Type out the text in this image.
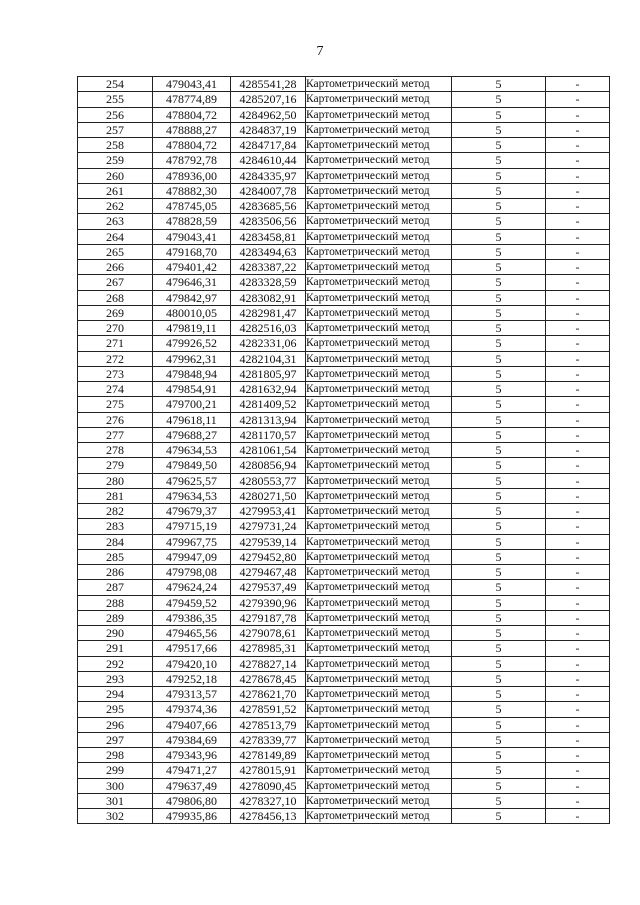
7
254	479043,41	4285541,28	Картометрический метод	5	-
255	478774,89	4285207,16	Картометрический метод	5	-
256	478804,72	4284962,50	Картометрический метод	5	-
257	478888,27	4284837,19	Картометрический метод	5	-
258	478804,72	4284717,84	Картометрический метод	5	-
259	478792,78	4284610,44	Картометрический метод	5	-
260	478936,00	4284335,97	Картометрический метод	5	-
261	478882,30	4284007,78	Картометрический метод	5	-
262	478745,05	4283685,56	Картометрический метод	5	-
263	478828,59	4283506,56	Картометрический метод	5	-
264	479043,41	4283458,81	Картометрический метод	5	-
265	479168,70	4283494,63	Картометрический метод	5	-
266	479401,42	4283387,22	Картометрический метод	5	-
267	479646,31	4283328,59	Картометрический метод	5	-
268	479842,97	4283082,91	Картометрический метод	5	-
269	480010,05	4282981,47	Картометрический метод	5	-
270	479819,11	4282516,03	Картометрический метод	5	-
271	479926,52	4282331,06	Картометрический метод	5	-
272	479962,31	4282104,31	Картометрический метод	5	-
273	479848,94	4281805,97	Картометрический метод	5	-
274	479854,91	4281632,94	Картометрический метод	5	-
275	479700,21	4281409,52	Картометрический метод	5	-
276	479618,11	4281313,94	Картометрический метод	5	-
277	479688,27	4281170,57	Картометрический метод	5	-
278	479634,53	4281061,54	Картометрический метод	5	-
279	479849,50	4280856,94	Картометрический метод	5	-
280	479625,57	4280553,77	Картометрический метод	5	-
281	479634,53	4280271,50	Картометрический метод	5	-
282	479679,37	4279953,41	Картометрический метод	5	-
283	479715,19	4279731,24	Картометрический метод	5	-
284	479967,75	4279539,14	Картометрический метод	5	-
285	479947,09	4279452,80	Картометрический метод	5	-
286	479798,08	4279467,48	Картометрический метод	5	-
287	479624,24	4279537,49	Картометрический метод	5	-
288	479459,52	4279390,96	Картометрический метод	5	-
289	479386,35	4279187,78	Картометрический метод	5	-
290	479465,56	4279078,61	Картометрический метод	5	-
291	479517,66	4278985,31	Картометрический метод	5	-
292	479420,10	4278827,14	Картометрический метод	5	-
293	479252,18	4278678,45	Картометрический метод	5	-
294	479313,57	4278621,70	Картометрический метод	5	-
295	479374,36	4278591,52	Картометрический метод	5	-
296	479407,66	4278513,79	Картометрический метод	5	-
297	479384,69	4278339,77	Картометрический метод	5	-
298	479343,96	4278149,89	Картометрический метод	5	-
299	479471,27	4278015,91	Картометрический метод	5	-
300	479637,49	4278090,45	Картометрический метод	5	-
301	479806,80	4278327,10	Картометрический метод	5	-
302	479935,86	4278456,13	Картометрический метод	5	-
